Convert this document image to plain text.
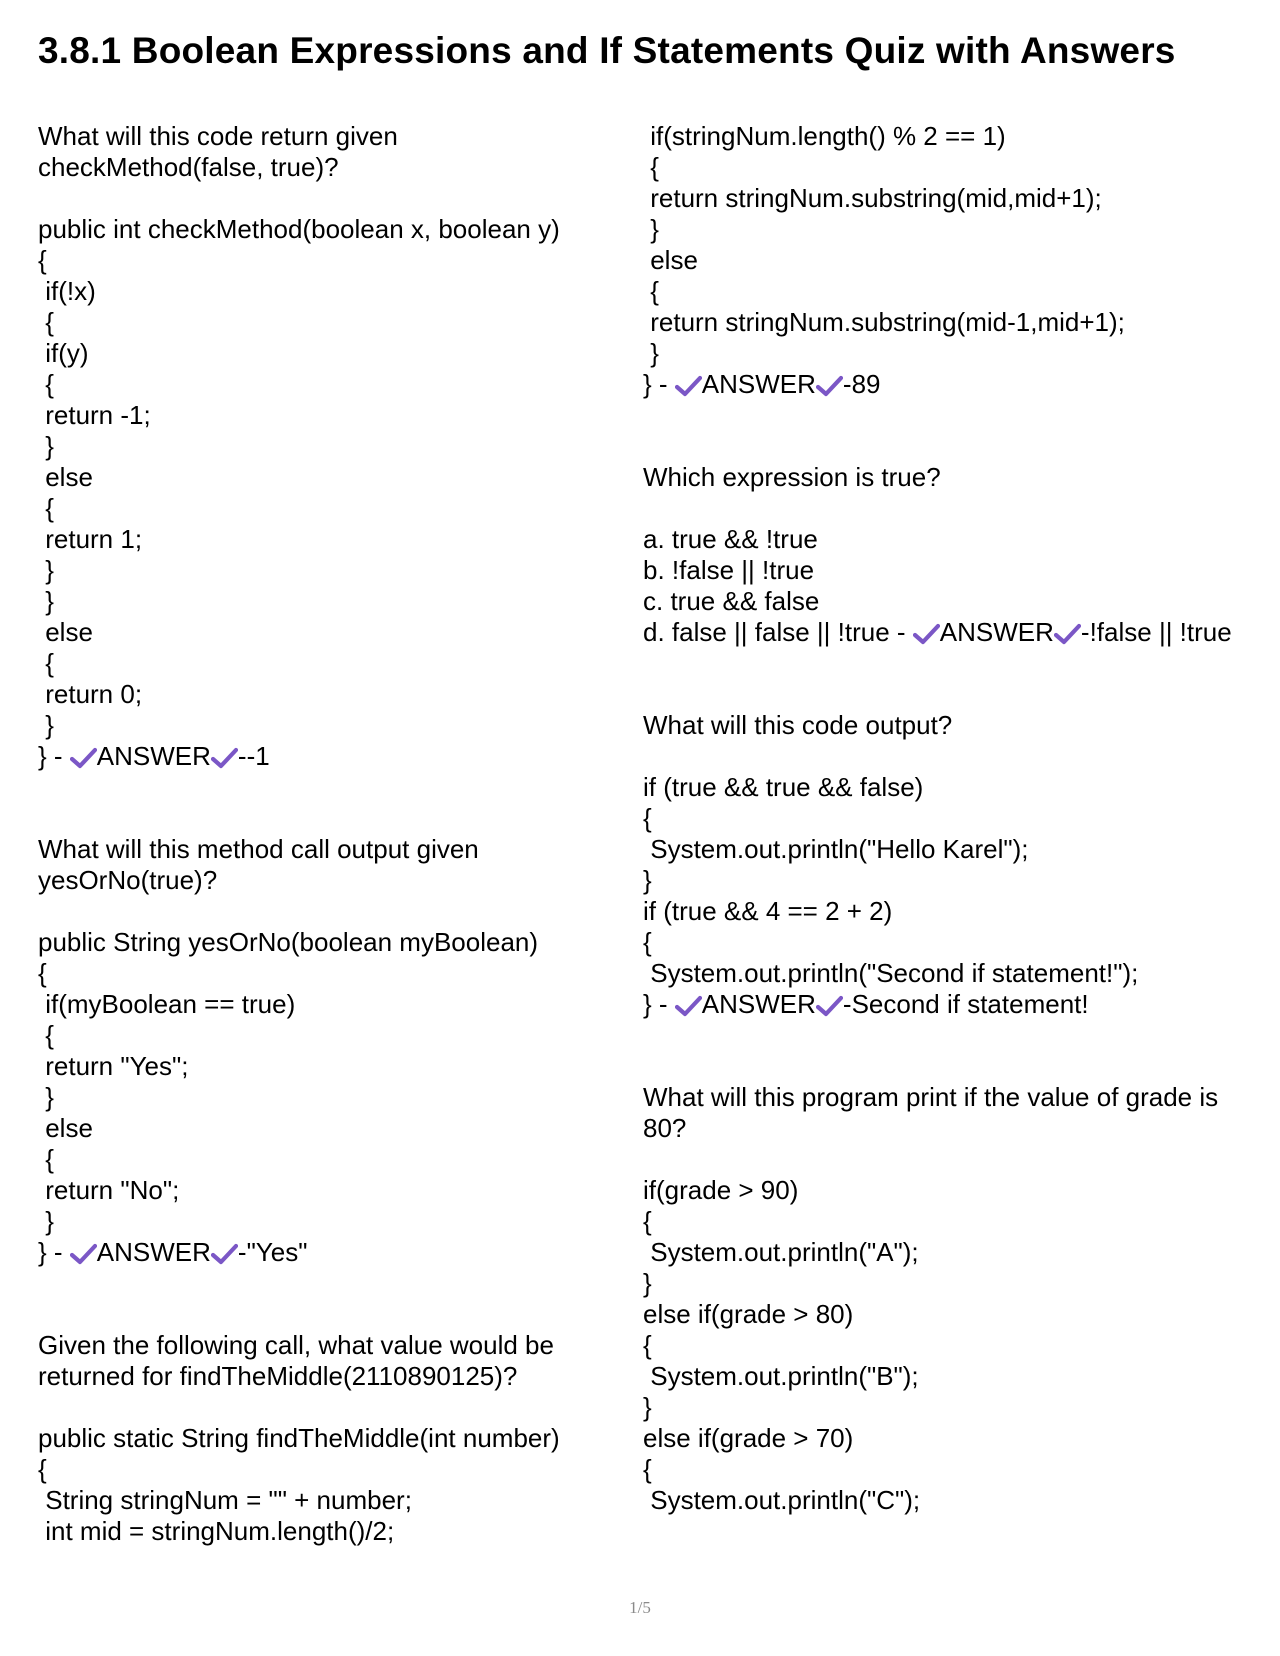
3.8.1 Boolean Expressions and If Statements Quiz with Answers
What will this code return given checkMethod(false, true)?
public int checkMethod(boolean x, boolean y)
{
if(!x)
{
if(y)
{
return -1;
}
else
{
return 1;
}
}
else
{
return 0;
}
} -
ANSWER --1
What will this method call output given yesOrNo(true)?
public String yesOrNo(boolean myBoolean)
{
if(myBoolean == true)
{
return "Yes";
}
else
{
return "No";
}
} -
ANSWER -"Yes"
Given the following call, what value would be returned for findTheMiddle(2110890125)?
public static String findTheMiddle(int number)
{
String stringNum = "" + number;
int mid = stringNum.length()/2;
if(stringNum.length() % 2 == 1)
{
return stringNum.substring(mid,mid+1);
}
else
{
return stringNum.substring(mid-1,mid+1);
}
} -
ANSWER -89
Which expression is true?
a. true && !true
b. !false || !true
c. true && false
d. false || false || !true -
ANSWER -!false || !true
What will this code output?
if (true && true && false)
{
System.out.println("Hello Karel");
}
if (true && 4 == 2 + 2)
{
System.out.println("Second if statement!");
} -
ANSWER -Second if statement!
What will this program print if the value of grade is 80?
if(grade > 90)
{
System.out.println("A");
}
else if(grade > 80)
{
System.out.println("B");
}
else if(grade > 70)
{
System.out.println("C");
1/5
